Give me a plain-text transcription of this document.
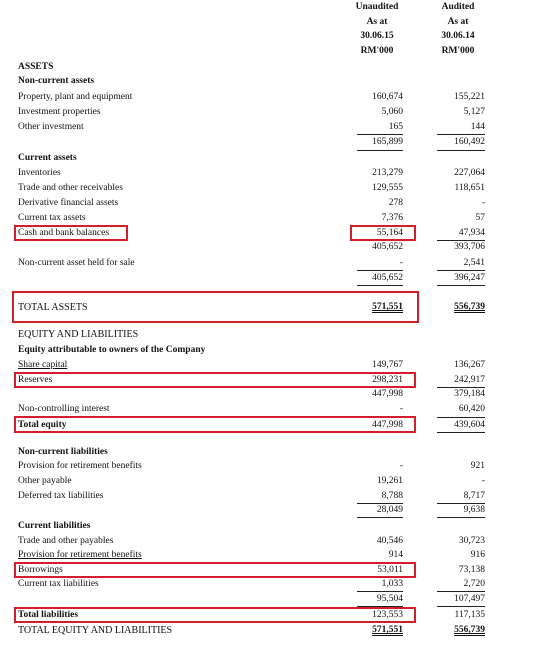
Unaudited
As at
30.06.15
RM'000
Audited
As at
30.06.14
RM'000
ASSETS
Non-current assets
Property, plant and equipment	160,674	155,221
Investment properties	5,060	5,127
Other investment	165	144
165,899	160,492
Current assets
Inventories	213,279	227,064
Trade and other receivables	129,555	118,651
Derivative financial assets	278	-
Current tax assets	7,376	57
Cash and bank balances	55,164	47,934
405,652	393,706
Non-current asset held for sale	-	2,541
405,652	396,247
TOTAL ASSETS	571,551	556,739
EQUITY AND LIABILITIES
Equity attributable to owners of the Company
Share capital	149,767	136,267
Reserves	298,231	242,917
447,998	379,184
Non-controlling interest	-	60,420
Total equity	447,998	439,604
Non-current liabilities
Provision for retirement benefits	-	921
Other payable	19,261	-
Deferred tax liabilities	8,788	8,717
28,049	9,638
Current liabilities
Trade and other payables	40,546	30,723
Provision for retirement benefits	914	916
Borrowings	53,011	73,138
Current tax liabilities	1,033	2,720
95,504	107,497
Total liabilities	123,553	117,135
TOTAL EQUITY AND LIABILITIES	571,551	556,739
